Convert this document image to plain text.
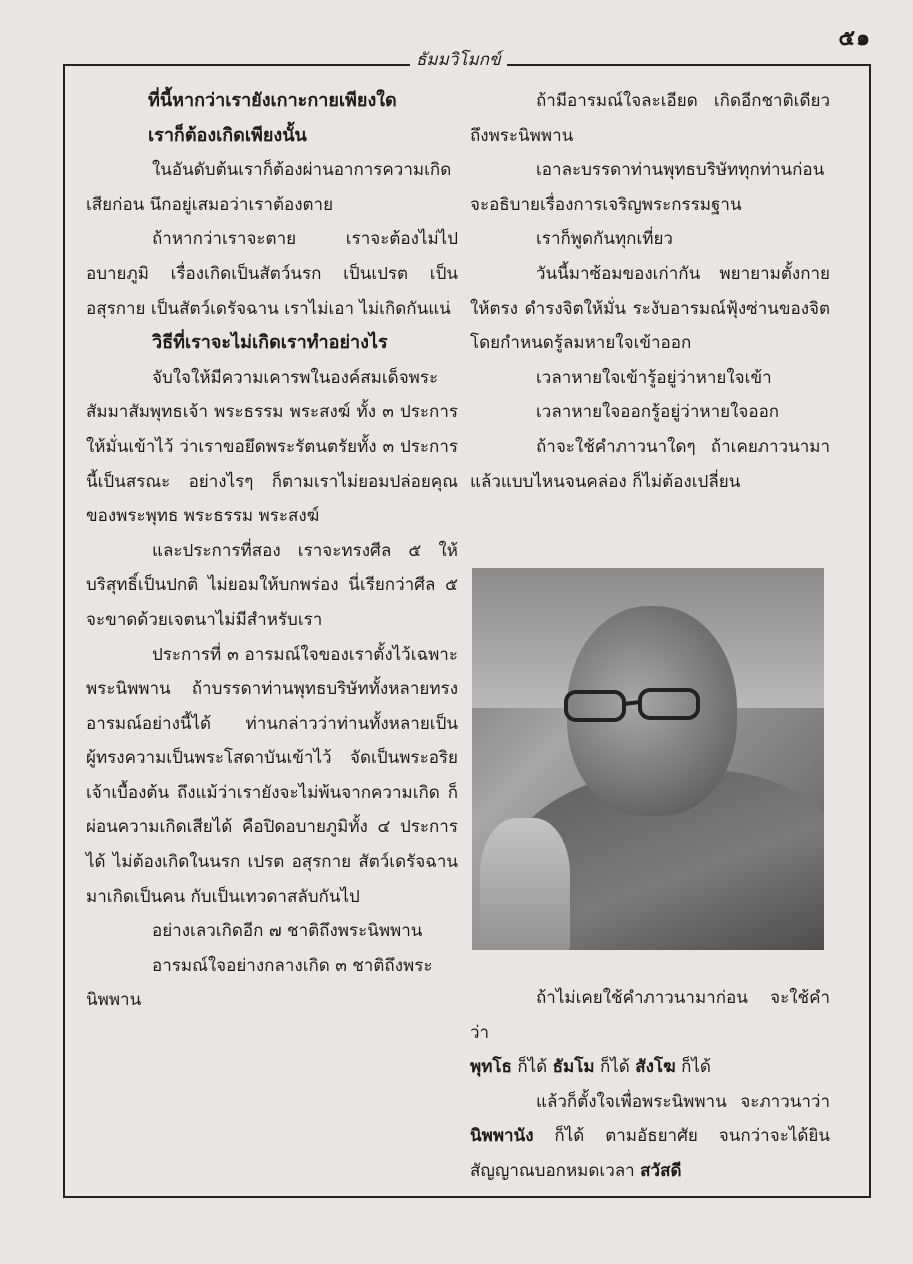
๕๑
ธัมมวิโมกข์

ที่นี้หากว่าเรายังเกาะกายเพียงใด

เราก็ต้องเกิดเพียงนั้น

ในอันดับต้นเราก็ต้องผ่านอาการความเกิดเสียก่อน นึกอยู่เสมอว่าเราต้องตาย

ถ้าหากว่าเราจะตาย เราจะต้องไม่ไปอบายภูมิ เรื่องเกิดเป็นสัตว์นรก เป็นเปรต เป็นอสุรกาย เป็นสัตว์เดรัจฉาน เราไม่เอา ไม่เกิดกันแน่

วิธีที่เราจะไม่เกิดเราทำอย่างไร

จับใจให้มีความเคารพในองค์สมเด็จพระสัมมาสัมพุทธเจ้า พระธรรม พระสงฆ์ ทั้ง ๓ ประการให้มั่นเข้าไว้ ว่าเราขอยึดพระรัตนตรัยทั้ง ๓ ประการนี้เป็นสรณะ อย่างไรๆ ก็ตามเราไม่ยอมปล่อยคุณของพระพุทธ พระธรรม พระสงฆ์

และประการที่สอง เราจะทรงศีล ๕ ให้บริสุทธิ์เป็นปกติ ไม่ยอมให้บกพร่อง นี่เรียกว่าศีล ๕ จะขาดด้วยเจตนาไม่มีสำหรับเรา

ประการที่ ๓ อารมณ์ใจของเราตั้งไว้เฉพาะพระนิพพาน ถ้าบรรดาท่านพุทธบริษัททั้งหลายทรงอารมณ์อย่างนี้ได้ ท่านกล่าวว่าท่านทั้งหลายเป็นผู้ทรงความเป็นพระโสดาบันเข้าไว้ จัดเป็นพระอริยเจ้าเบื้องต้น ถึงแม้ว่าเรายังจะไม่พ้นจากความเกิด ก็ผ่อนความเกิดเสียได้ คือปิดอบายภูมิทั้ง ๔ ประการได้ ไม่ต้องเกิดในนรก เปรต อสุรกาย สัตว์เดรัจฉาน มาเกิดเป็นคน กับเป็นเทวดาสลับกันไป

อย่างเลวเกิดอีก ๗ ชาติถึงพระนิพพาน

อารมณ์ใจอย่างกลางเกิด ๓ ชาติถึงพระ

นิพพาน

ถ้ามีอารมณ์ใจละเอียด เกิดอีกชาติเดียวถึงพระนิพพาน

เอาละบรรดาท่านพุทธบริษัททุกท่านก่อนจะอธิบายเรื่องการเจริญพระกรรมฐาน

เราก็พูดกันทุกเที่ยว

วันนี้มาซ้อมของเก่ากัน พยายามตั้งกายให้ตรง ดำรงจิตให้มั่น ระงับอารมณ์ฟุ้งซ่านของจิต โดยกำหนดรู้ลมหายใจเข้าออก

เวลาหายใจเข้ารู้อยู่ว่าหายใจเข้า

เวลาหายใจออกรู้อยู่ว่าหายใจออก

ถ้าจะใช้คำภาวนาใดๆ ถ้าเคยภาวนามาแล้วแบบไหนจนคล่อง ก็ไม่ต้องเปลี่ยน

ถ้าไม่เคยใช้คำภาวนามาก่อน จะใช้คำว่า

พุทโธ ก็ได้ ธัมโม ก็ได้ สังโฆ ก็ได้

แล้วก็ตั้งใจเพื่อพระนิพพาน จะภาวนาว่า นิพพานัง ก็ได้ ตามอัธยาศัย จนกว่าจะได้ยินสัญญาณบอกหมดเวลา สวัสดี
